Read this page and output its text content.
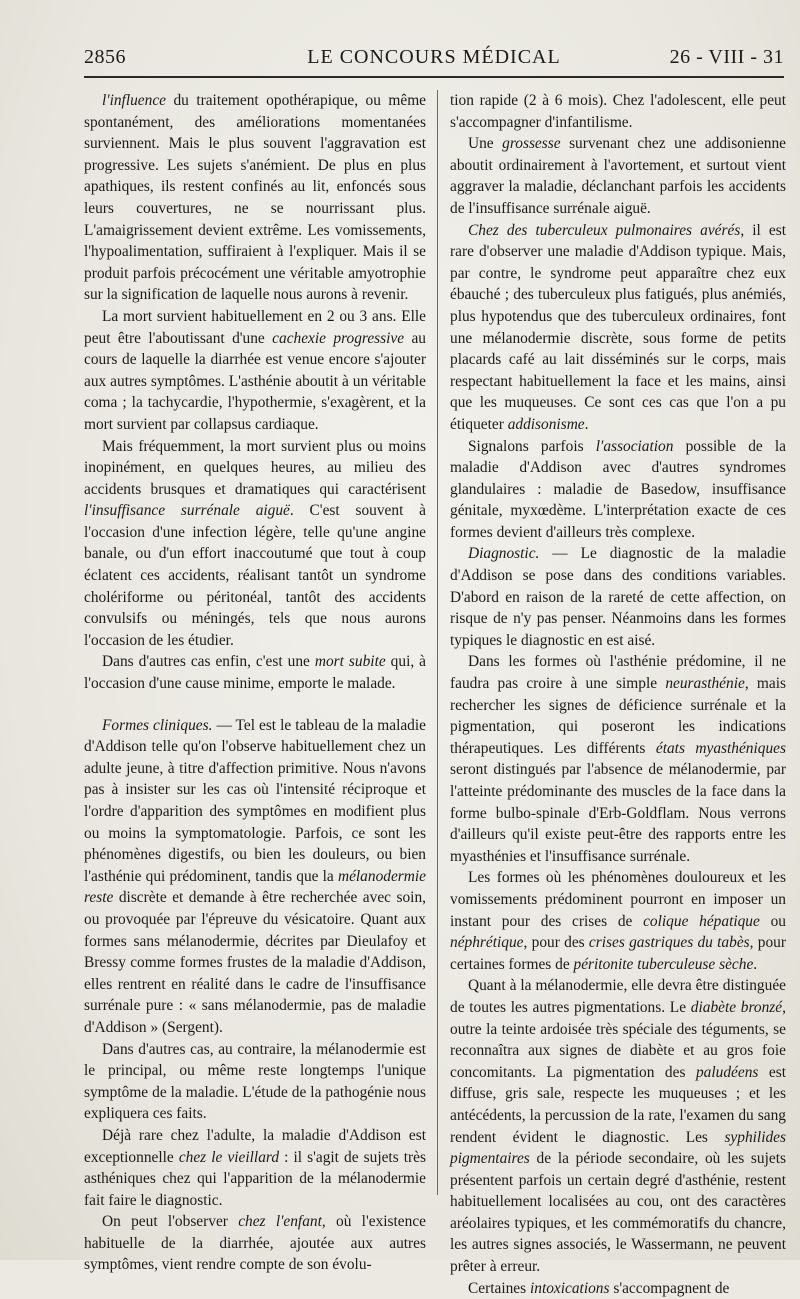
2856	LE CONCOURS MÉDICAL	26 - VIII - 31

l'influence du traitement opothérapique, ou même spontanément, des améliorations momentanées surviennent. Mais le plus souvent l'aggravation est progressive. Les sujets s'anémient. De plus en plus apathiques, ils restent confinés au lit, enfoncés sous leurs couvertures, ne se nourrissant plus. L'amaigrissement devient extrême. Les vomissements, l'hypoalimentation, suffiraient à l'expliquer. Mais il se produit parfois précocément une véritable amyotrophie sur la signification de laquelle nous aurons à revenir.

La mort survient habituellement en 2 ou 3 ans. Elle peut être l'aboutissant d'une cachexie progressive au cours de laquelle la diarrhée est venue encore s'ajouter aux autres symptômes. L'asthénie aboutit à un véritable coma ; la tachycardie, l'hypothermie, s'exagèrent, et la mort survient par collapsus cardiaque.

Mais fréquemment, la mort survient plus ou moins inopinément, en quelques heures, au milieu des accidents brusques et dramatiques qui caractérisent l'insuffisance surrénale aiguë. C'est souvent à l'occasion d'une infection légère, telle qu'une angine banale, ou d'un effort inaccoutumé que tout à coup éclatent ces accidents, réalisant tantôt un syndrome cholériforme ou péritonéal, tantôt des accidents convulsifs ou méningés, tels que nous aurons l'occasion de les étudier.

Dans d'autres cas enfin, c'est une mort subite qui, à l'occasion d'une cause minime, emporte le malade.

Formes cliniques. — Tel est le tableau de la maladie d'Addison telle qu'on l'observe habituellement chez un adulte jeune, à titre d'affection primitive. Nous n'avons pas à insister sur les cas où l'intensité réciproque et l'ordre d'apparition des symptômes en modifient plus ou moins la symptomatologie. Parfois, ce sont les phénomènes digestifs, ou bien les douleurs, ou bien l'asthénie qui prédominent, tandis que la mélanodermie reste discrète et demande à être recherchée avec soin, ou provoquée par l'épreuve du vésicatoire. Quant aux formes sans mélanodermie, décrites par Dieulafoy et Bressy comme formes frustes de la maladie d'Addison, elles rentrent en réalité dans le cadre de l'insuffisance surrénale pure : « sans mélanodermie, pas de maladie d'Addison » (Sergent).

Dans d'autres cas, au contraire, la mélanodermie est le principal, ou même reste longtemps l'unique symptôme de la maladie. L'étude de la pathogénie nous expliquera ces faits.

Déjà rare chez l'adulte, la maladie d'Addison est exceptionnelle chez le vieillard : il s'agit de sujets très asthéniques chez qui l'apparition de la mélanodermie fait faire le diagnostic.

On peut l'observer chez l'enfant, où l'existence habituelle de la diarrhée, ajoutée aux autres symptômes, vient rendre compte de son évolu-

tion rapide (2 à 6 mois). Chez l'adolescent, elle peut s'accompagner d'infantilisme.

Une grossesse survenant chez une addisonienne aboutit ordinairement à l'avortement, et surtout vient aggraver la maladie, déclanchant parfois les accidents de l'insuffisance surrénale aiguë.

Chez des tuberculeux pulmonaires avérés, il est rare d'observer une maladie d'Addison typique. Mais, par contre, le syndrome peut apparaître chez eux ébauché ; des tuberculeux plus fatigués, plus anémiés, plus hypotendus que des tuberculeux ordinaires, font une mélanodermie discrète, sous forme de petits placards café au lait disséminés sur le corps, mais respectant habituellement la face et les mains, ainsi que les muqueuses. Ce sont ces cas que l'on a pu étiqueter addisonisme.

Signalons parfois l'association possible de la maladie d'Addison avec d'autres syndromes glandulaires : maladie de Basedow, insuffisance génitale, myxœdème. L'interprétation exacte de ces formes devient d'ailleurs très complexe.

Diagnostic. — Le diagnostic de la maladie d'Addison se pose dans des conditions variables. D'abord en raison de la rareté de cette affection, on risque de n'y pas penser. Néanmoins dans les formes typiques le diagnostic en est aisé.

Dans les formes où l'asthénie prédomine, il ne faudra pas croire à une simple neurasthénie, mais rechercher les signes de déficience surrénale et la pigmentation, qui poseront les indications thérapeutiques. Les différents états myasthéniques seront distingués par l'absence de mélanodermie, par l'atteinte prédominante des muscles de la face dans la forme bulbo-spinale d'Erb-Goldflam. Nous verrons d'ailleurs qu'il existe peut-être des rapports entre les myasthénies et l'insuffisance surrénale.

Les formes où les phénomènes douloureux et les vomissements prédominent pourront en imposer un instant pour des crises de colique hépatique ou néphrétique, pour des crises gastriques du tabès, pour certaines formes de péritonite tuberculeuse sèche.

Quant à la mélanodermie, elle devra être distinguée de toutes les autres pigmentations. Le diabète bronzé, outre la teinte ardoisée très spéciale des téguments, se reconnaîtra aux signes de diabète et au gros foie concomitants. La pigmentation des paludéens est diffuse, gris sale, respecte les muqueuses ; et les antécédents, la percussion de la rate, l'examen du sang rendent évident le diagnostic. Les syphilides pigmentaires de la période secondaire, où les sujets présentent parfois un certain degré d'asthénie, restent habituellement localisées au cou, ont des caractères aréolaires typiques, et les commémoratifs du chancre, les autres signes associés, le Wassermann, ne peuvent prêter à erreur.

Certaines intoxications s'accompagnent de
